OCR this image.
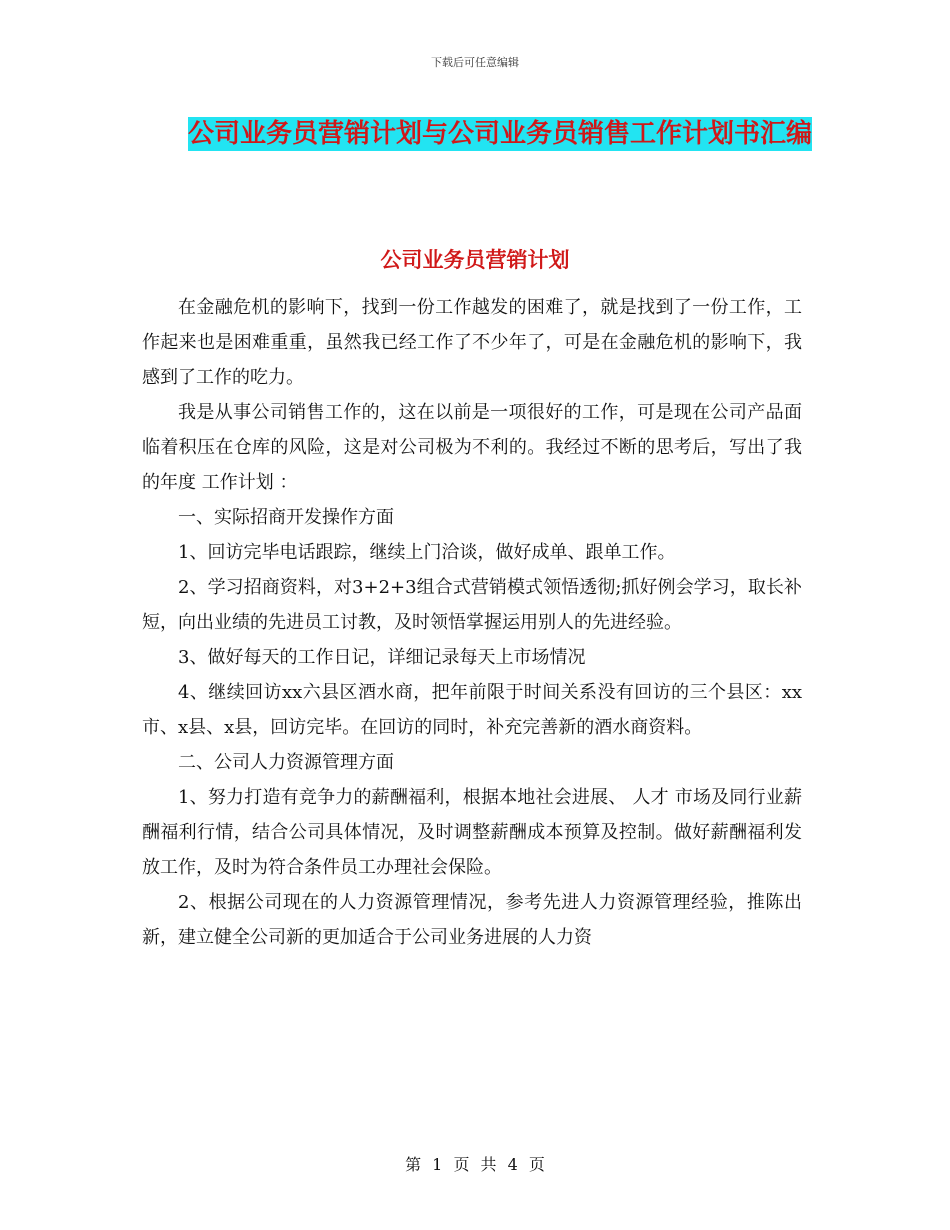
下载后可任意编辑
公司业务员营销计划与公司业务员销售工作计划书汇编
公司业务员营销计划

在金融危机的影响下，找到一份工作越发的困难了，就是找到了一份工作，工作起来也是困难重重，虽然我已经工作了不少年了，可是在金融危机的影响下，我感到了工作的吃力。

我是从事公司销售工作的，这在以前是一项很好的工作，可是现在公司产品面临着积压在仓库的风险，这是对公司极为不利的。我经过不断的思考后，写出了我的年度 工作计划 ：

一、实际招商开发操作方面

1、回访完毕电话跟踪，继续上门洽谈，做好成单、跟单工作。

2、学习招商资料，对3+2+3组合式营销模式领悟透彻;抓好例会学习，取长补短，向出业绩的先进员工讨教，及时领悟掌握运用别人的先进经验。

3、做好每天的工作日记，详细记录每天上市场情况

4、继续回访xx六县区酒水商，把年前限于时间关系没有回访的三个县区：xx市、x县、x县，回访完毕。在回访的同时，补充完善新的酒水商资料。

二、公司人力资源管理方面

1、努力打造有竞争力的薪酬福利，根据本地社会进展、 人才 市场及同行业薪酬福利行情，结合公司具体情况，及时调整薪酬成本预算及控制。做好薪酬福利发放工作，及时为符合条件员工办理社会保险。

2、根据公司现在的人力资源管理情况，参考先进人力资源管理经验，推陈出新，建立健全公司新的更加适合于公司业务进展的人力资

第 1 页 共 4 页
